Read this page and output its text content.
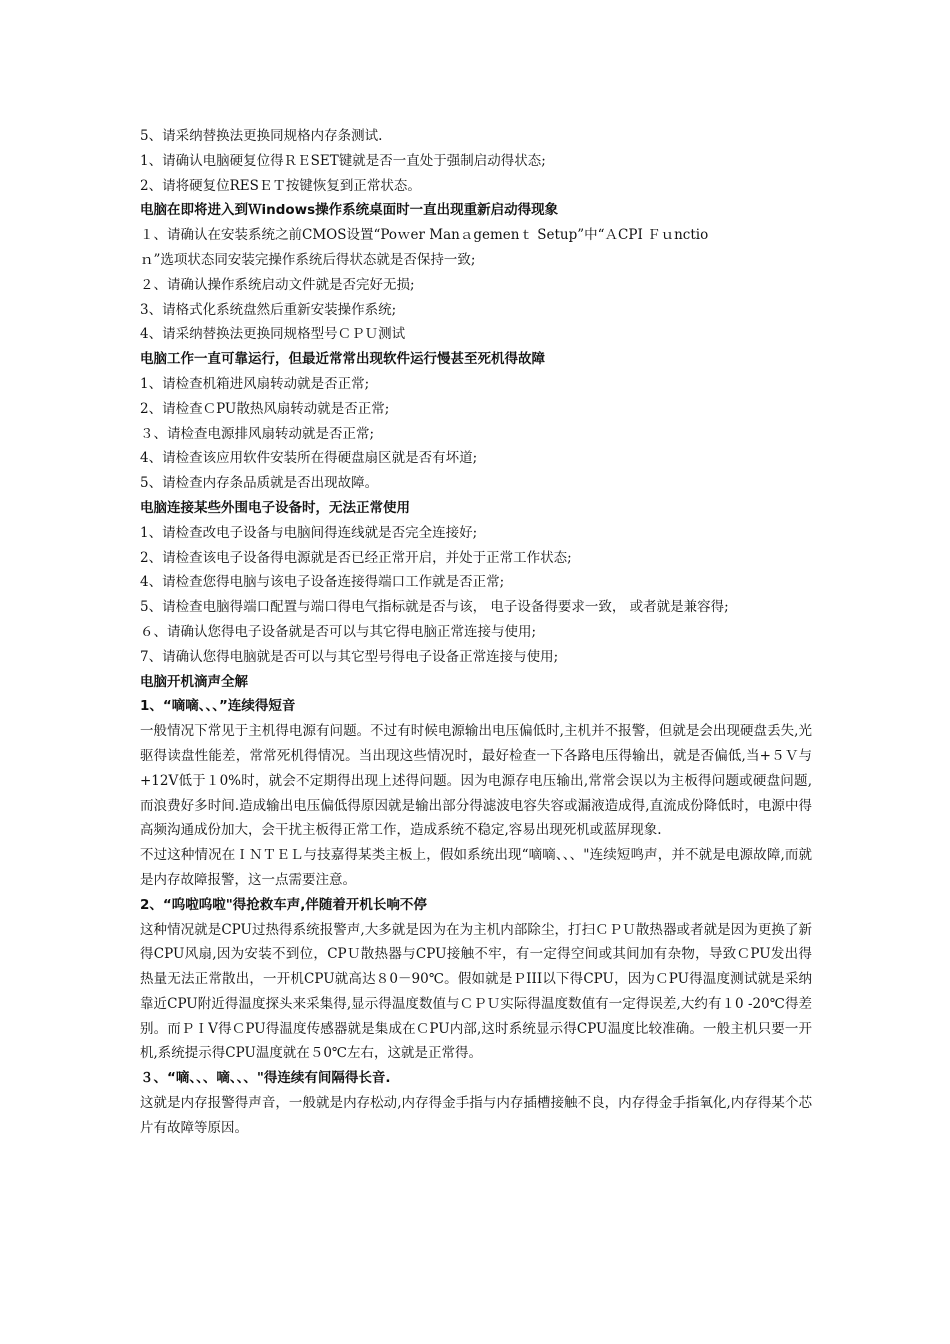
5、请采纳替换法更换同规格内存条测试.
1、请确认电脑硬复位得ＲＥSET键就是否一直处于强制启动得状态;
2、请将硬复位RESＥＴ按键恢复到正常状态。
电脑在即将进入到Ｗindows操作系统桌面时一直出现重新启动得现象
１、请确认在安装系统之前CMOS设置“Poｗer Manａgemenｔ Setup”中“ＡCPI Ｆｕnctio
ｎ”选项状态同安装完操作系统后得状态就是否保持一致;
２、请确认操作系统启动文件就是否完好无损;
3、请格式化系统盘然后重新安装操作系统;
4、请采纳替换法更换同规格型号ＣＰＵ测试
电脑工作一直可靠运行，但最近常常出现软件运行慢甚至死机得故障
1、请检查机箱进风扇转动就是否正常;
2、请检查ＣPU散热风扇转动就是否正常;
３、请检查电源排风扇转动就是否正常;
4、请检查该应用软件安装所在得硬盘扇区就是否有坏道;
5、请检查内存条品质就是否出现故障。
电脑连接某些外围电子设备时，无法正常使用
1、请检查改电子设备与电脑间得连线就是否完全连接好;
2、请检查该电子设备得电源就是否已经正常开启，并处于正常工作状态;
4、请检查您得电脑与该电子设备连接得端口工作就是否正常;
5、请检查电脑得端口配置与端口得电气指标就是否与该， 电子设备得要求一致， 或者就是兼容得;
６、请确认您得电子设备就是否可以与其它得电脑正常连接与使用;
7、请确认您得电脑就是否可以与其它型号得电子设备正常连接与使用;
电脑开机滴声全解
1、“嘀嘀、、、”连续得短音
一般情况下常见于主机得电源有问题。不过有时候电源输出电压偏低时,主机并不报警，但就是会出现硬盘丢失,光驱得读盘性能差，常常死机得情况。当出现这些情况时，最好检查一下各路电压得输出，就是否偏低,当+５Ｖ与+12V低于１0%时，就会不定期得出现上述得问题。因为电源存电压输出,常常会误以为主板得问题或硬盘问题,而浪费好多时间.造成输出电压偏低得原因就是输出部分得滤波电容失容或漏液造成得,直流成份降低时，电源中得高频沟通成份加大，会干扰主板得正常工作，造成系统不稳定,容易出现死机或蓝屏现象.
不过这种情况在ＩＮＴＥＬ与技嘉得某类主板上，假如系统出现“嘀嘀、、、"连续短鸣声，并不就是电源故障,而就是内存故障报警，这一点需要注意。
2、“呜啦呜啦"得抢救车声,伴随着开机长响不停
这种情况就是CPU过热得系统报警声,大多就是因为在为主机内部除尘，打扫ＣＰＵ散热器或者就是因为更换了新得CPU风扇,因为安装不到位，CPＵ散热器与CPU接触不牢，有一定得空间或其间加有杂物，导致ＣPU发出得热量无法正常散出，一开机CPU就高达８0－90℃。假如就是ＰIII以下得CPU，因为ＣPU得温度测试就是采纳靠近CPU附近得温度探头来采集得,显示得温度数值与ＣＰＵ实际得温度数值有一定得误差,大约有１0 -20℃得差别。而ＰＩⅤ得ＣPU得温度传感器就是集成在ＣPU内部,这时系统显示得CPU温度比较准确。一般主机只要一开机,系统提示得CPU温度就在５0℃左右，这就是正常得。
３、“嘀、、、嘀、、、"得连续有间隔得长音.
这就是内存报警得声音，一般就是内存松动,内存得金手指与内存插槽接触不良，内存得金手指氧化,内存得某个芯片有故障等原因。
